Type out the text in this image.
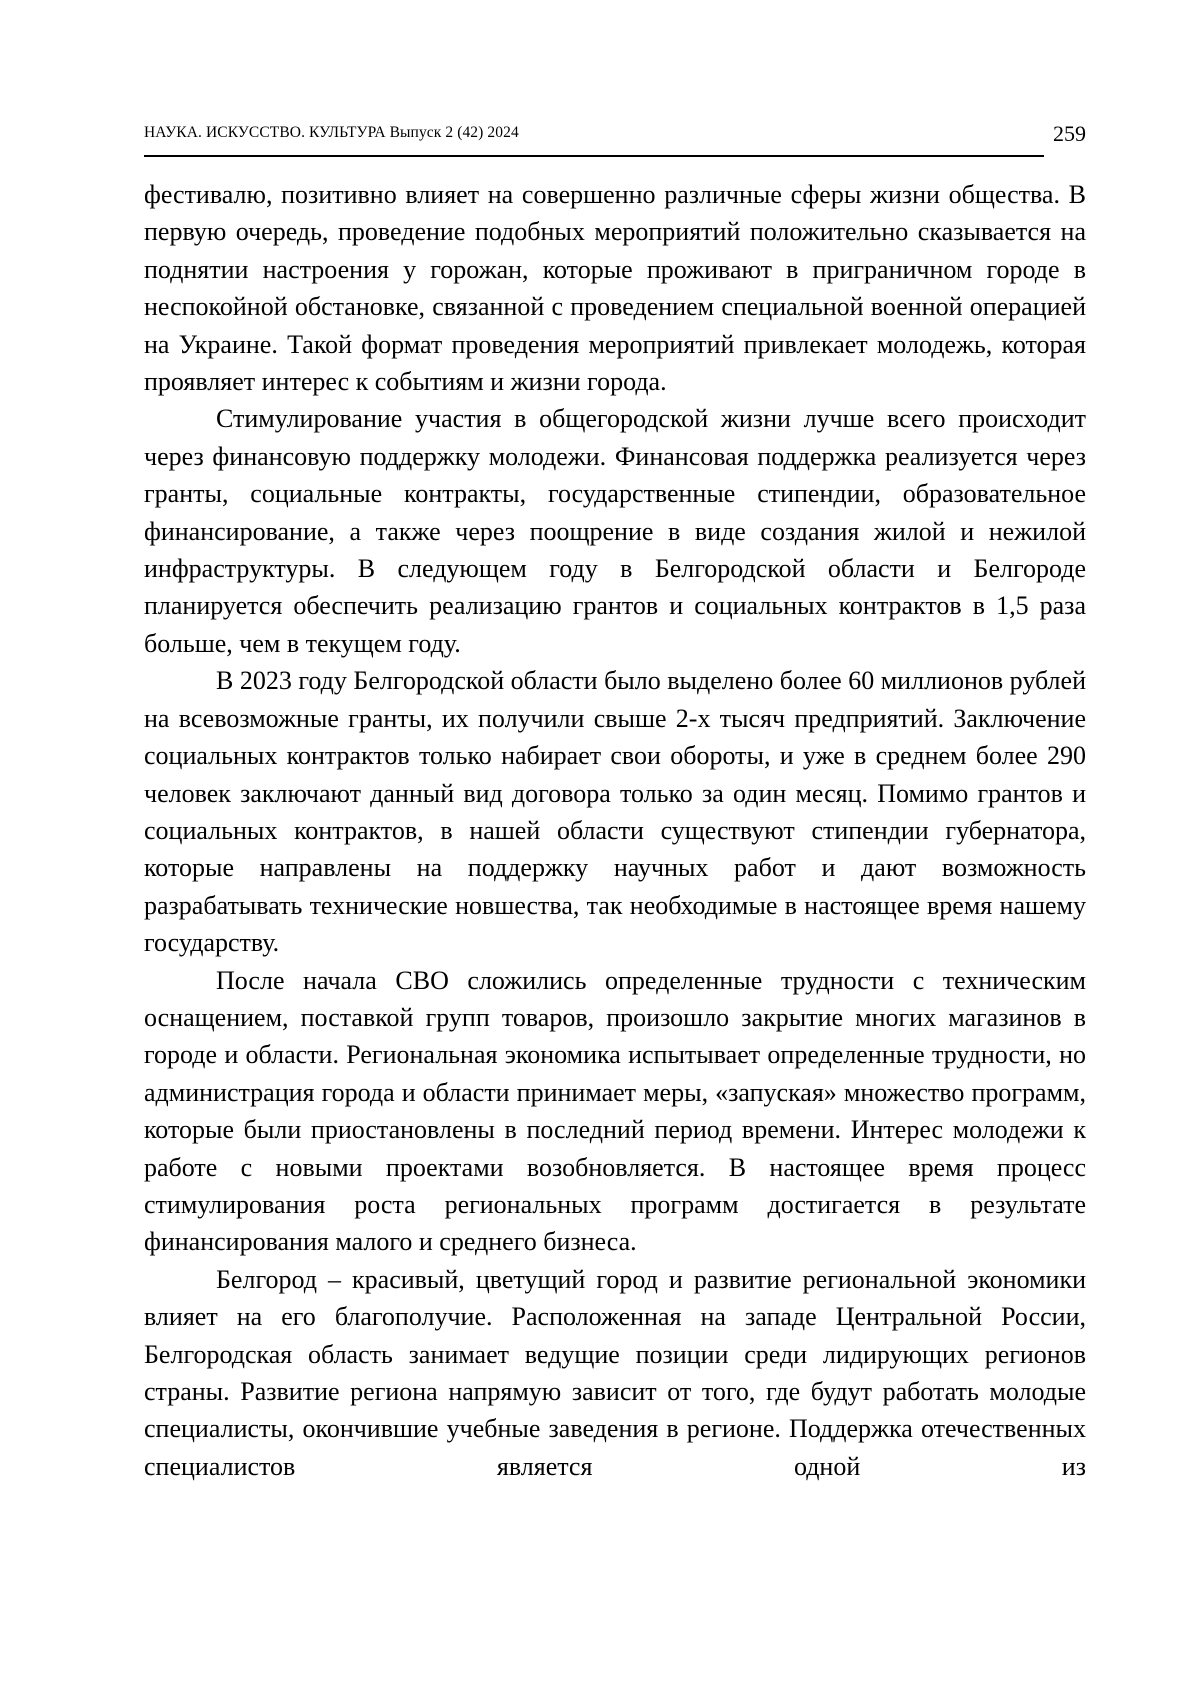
НАУКА. ИСКУССТВО. КУЛЬТУРА Выпуск 2 (42) 2024	259

фестивалю, позитивно влияет на совершенно различные сферы жизни общества. В первую очередь, проведение подобных мероприятий положительно сказывается на поднятии настроения у горожан, которые проживают в приграничном городе в неспокойной обстановке, связанной с проведением специальной военной операцией на Украине. Такой формат проведения мероприятий привлекает молодежь, которая проявляет интерес к событиям и жизни города.

Стимулирование участия в общегородской жизни лучше всего происходит через финансовую поддержку молодежи. Финансовая поддержка реализуется через гранты, социальные контракты, государственные стипендии, образовательное финансирование, а также через поощрение в виде создания жилой и нежилой инфраструктуры. В следующем году в Белгородской области и Белгороде планируется обеспечить реализацию грантов и социальных контрактов в 1,5 раза больше, чем в текущем году.

В 2023 году Белгородской области было выделено более 60 миллионов рублей на всевозможные гранты, их получили свыше 2-х тысяч предприятий. Заключение социальных контрактов только набирает свои обороты, и уже в среднем более 290 человек заключают данный вид договора только за один месяц. Помимо грантов и социальных контрактов, в нашей области существуют стипендии губернатора, которые направлены на поддержку научных работ и дают возможность разрабатывать технические новшества, так необходимые в настоящее время нашему государству.

После начала СВО сложились определенные трудности с техническим оснащением, поставкой групп товаров, произошло закрытие многих магазинов в городе и области. Региональная экономика испытывает определенные трудности, но администрация города и области принимает меры, «запуская» множество программ, которые были приостановлены в последний период времени. Интерес молодежи к работе с новыми проектами возобновляется. В настоящее время процесс стимулирования роста региональных программ достигается в результате финансирования малого и среднего бизнеса.

Белгород – красивый, цветущий город и развитие региональной экономики влияет на его благополучие. Расположенная на западе Центральной России, Белгородская область занимает ведущие позиции среди лидирующих регионов страны. Развитие региона напрямую зависит от того, где будут работать молодые специалисты, окончившие учебные заведения в регионе. Поддержка отечественных специалистов является одной из
